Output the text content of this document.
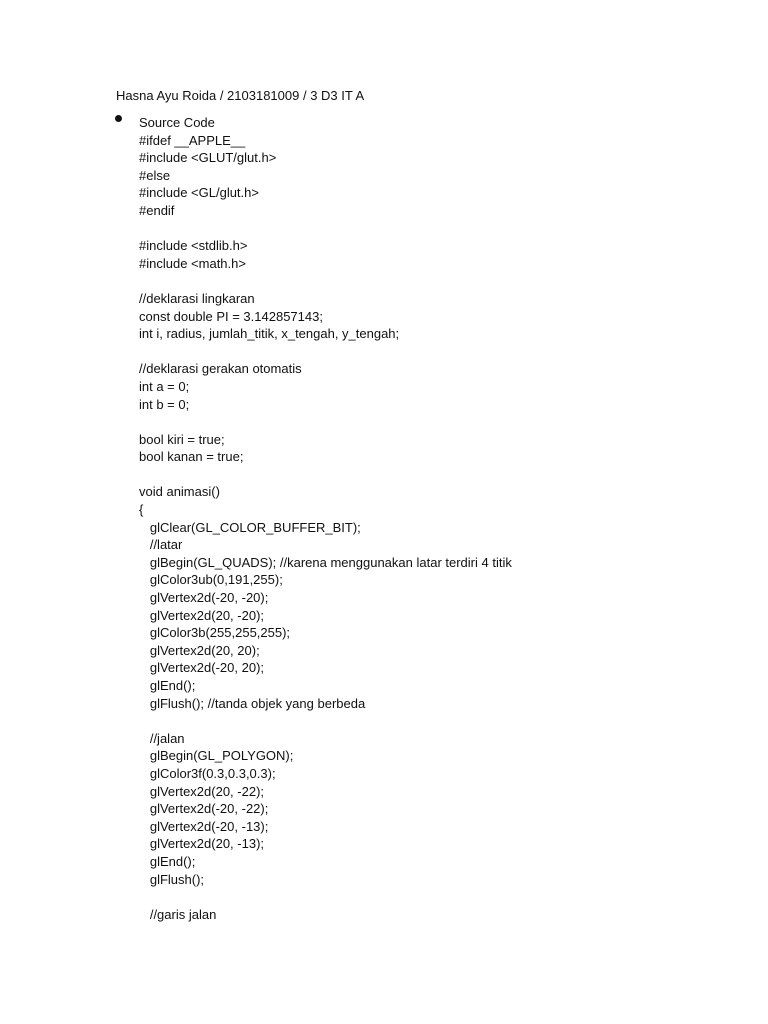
Hasna Ayu Roida / 2103181009 / 3 D3 IT A
Source Code
#ifdef __APPLE__
#include <GLUT/glut.h>
#else
#include <GL/glut.h>
#endif
#include <stdlib.h>
#include <math.h>
//deklarasi lingkaran
const double PI = 3.142857143;
int i, radius, jumlah_titik, x_tengah, y_tengah;
//deklarasi gerakan otomatis
int a = 0;
int b = 0;
bool kiri = true;
bool kanan = true;
void animasi()
{
glClear(GL_COLOR_BUFFER_BIT);
//latar
glBegin(GL_QUADS); //karena menggunakan latar terdiri 4 titik
glColor3ub(0,191,255);
glVertex2d(-20, -20);
glVertex2d(20, -20);
glColor3b(255,255,255);
glVertex2d(20, 20);
glVertex2d(-20, 20);
glEnd();
glFlush(); //tanda objek yang berbeda
//jalan
glBegin(GL_POLYGON);
glColor3f(0.3,0.3,0.3);
glVertex2d(20, -22);
glVertex2d(-20, -22);
glVertex2d(-20, -13);
glVertex2d(20, -13);
glEnd();
glFlush();
//garis jalan
